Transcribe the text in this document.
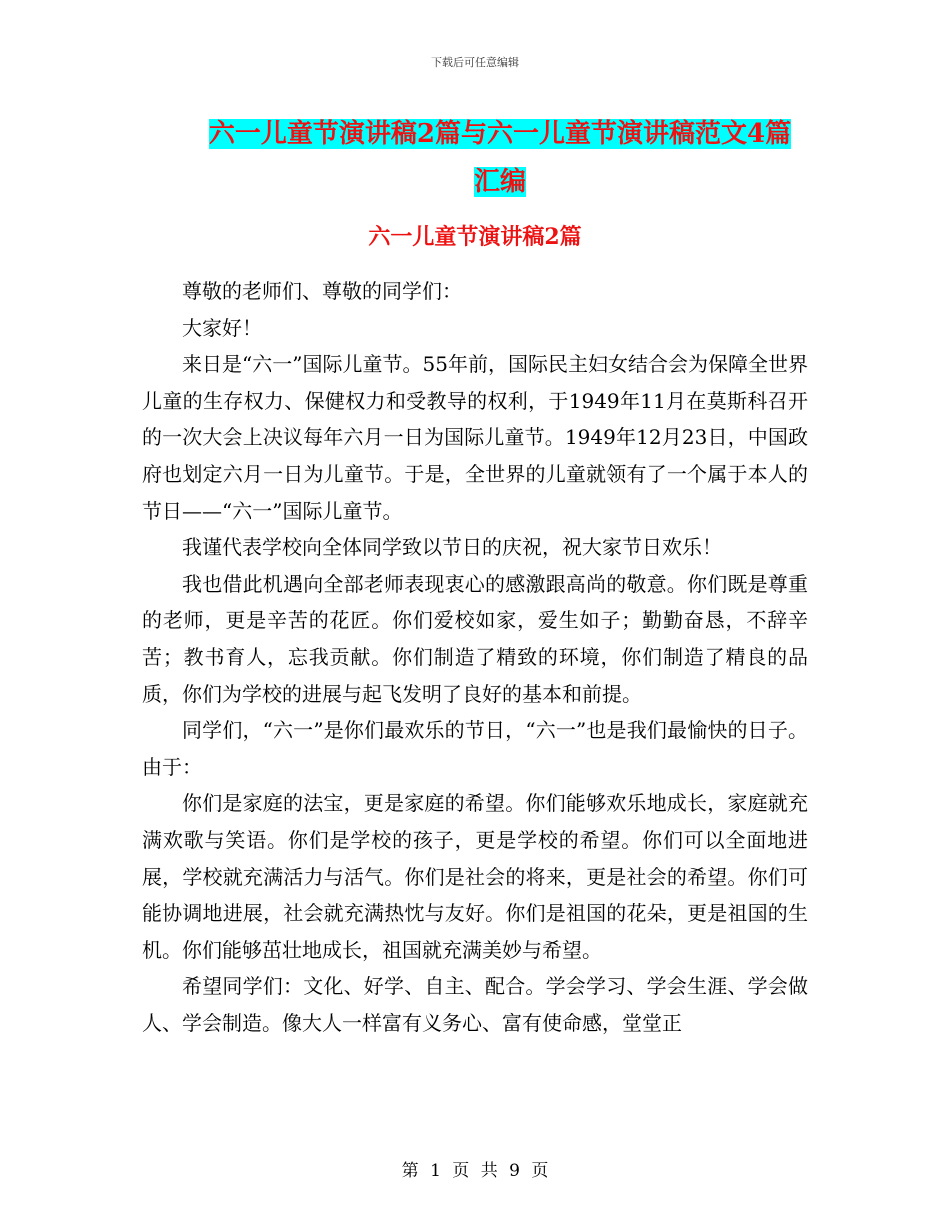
下载后可任意编辑
六一儿童节演讲稿2篇与六一儿童节演讲稿范文4篇
汇编
六一儿童节演讲稿2篇

尊敬的老师们、尊敬的同学们：

大家好！

来日是“六一”国际儿童节。55年前，国际民主妇女结合会为保障全世界儿童的生存权力、保健权力和受教导的权利，于1949年11月在莫斯科召开的一次大会上决议每年六月一日为国际儿童节。1949年12月23日，中国政府也划定六月一日为儿童节。于是，全世界的儿童就领有了一个属于本人的节日——“六一”国际儿童节。

我谨代表学校向全体同学致以节日的庆祝，祝大家节日欢乐！

我也借此机遇向全部老师表现衷心的感激跟高尚的敬意。你们既是尊重的老师，更是辛苦的花匠。你们爱校如家，爱生如子；勤勤奋恳，不辞辛苦；教书育人，忘我贡献。你们制造了精致的环境，你们制造了精良的品质，你们为学校的进展与起飞发明了良好的基本和前提。

同学们，“六一”是你们最欢乐的节日，“六一”也是我们最愉快的日子。由于：

你们是家庭的法宝，更是家庭的希望。你们能够欢乐地成长，家庭就充满欢歌与笑语。你们是学校的孩子，更是学校的希望。你们可以全面地进展，学校就充满活力与活气。你们是社会的将来，更是社会的希望。你们可能协调地进展，社会就充满热忱与友好。你们是祖国的花朵，更是祖国的生机。你们能够茁壮地成长，祖国就充满美妙与希望。

希望同学们：文化、好学、自主、配合。学会学习、学会生涯、学会做人、学会制造。像大人一样富有义务心、富有使命感，堂堂正

第 1 页 共 9 页
